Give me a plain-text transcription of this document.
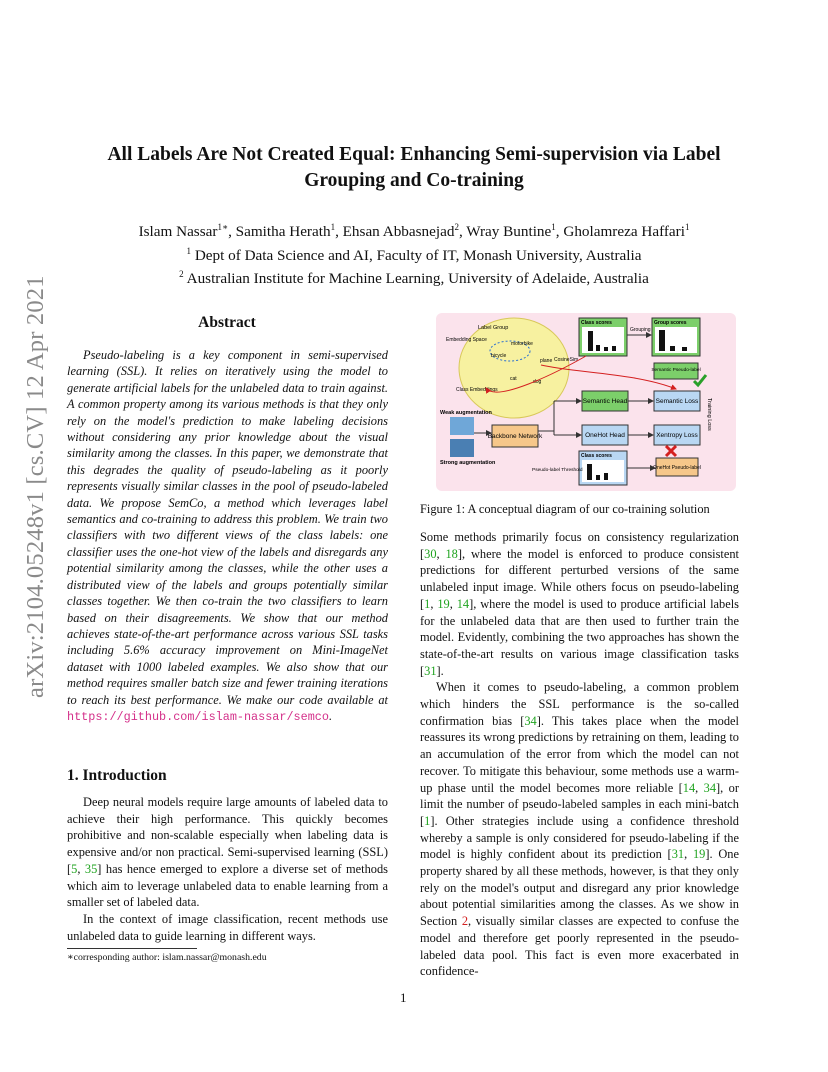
All Labels Are Not Created Equal: Enhancing Semi-supervision via Label
Grouping and Co-training
Islam Nassar$^{1∗}$, Samitha Herath$^1$, Ehsan Abbasnejad$^2$, Wray Buntine$^1$, Gholamreza Haffari$^1$
$^1$ Dept of Data Science and AI, Faculty of IT, Monash University, Australia
$^2$ Australian Institute for Machine Learning, University of Adelaide, Australia
arXiv:2104.05248v1 [cs.CV] 12 Apr 2021	Abstract
Pseudo-labeling is a key component in semi-supervised learning (SSL). It relies on iteratively using the model to generate artificial labels for the unlabeled data to train against. A common property among its various methods is that they only rely on the model's prediction to make labeling decisions without considering any prior knowledge about the visual similarity among the classes. In this paper, we demonstrate that this degrades the quality of pseudo-labeling as it poorly represents visually similar classes in the pool of pseudo-labeled data. We propose SemCo, a method which leverages label semantics and co-training to address this problem. We train two classifiers with two different views of the class labels: one classifier uses the one-hot view of the labels and disregards any potential similarity among the classes, while the other uses a distributed view of the labels and groups potentially similar classes together. We then co-train the two classifiers to learn based on their disagreements. We show that our method achieves state-of-the-art performance across various SSL tasks including 5.6% accuracy improvement on Mini-ImageNet dataset with 1000 labeled examples. We also show that our method requires smaller batch size and fewer training iterations to reach its best performance. We make our code available at https://github.com/islam-nassar/semco.
1. Introduction

Deep neural models require large amounts of labeled data to achieve their high performance. This quickly becomes prohibitive and non-scalable especially when labeling data is expensive and/or non practical. Semi-supervised learning (SSL) [5, 35] has hence emerged to explore a diverse set of methods which aim to leverage unlabeled data to enable learning from a smaller set of labeled data.

In the context of image classification, recent methods use unlabeled data to guide learning in different ways.

∗corresponding author: islam.nassar@monash.edu
1
Label Group
Embedding Space
motorbike
bicycle
plane
cat	dog
Class Embeddings
CosineSim
Class scores	Group scores
Grouping
Semantic Pseudo-label
Semantic Head	Semantic Loss
OneHot Head	Xentropy Loss
Training Loss
Backbone Network
Weak augmentation
Strong augmentation
Class scores
Pseudo-label Threshold	OneHot Pseudo-label
Figure 1: A conceptual diagram of our co-training solution

Some methods primarily focus on consistency regularization [30, 18], where the model is enforced to produce consistent predictions for different perturbed versions of the same unlabeled input image. While others focus on pseudo-labeling [1, 19, 14], where the model is used to produce artificial labels for the unlabeled data that are then used to further train the model. Evidently, combining the two approaches has shown the state-of-the-art results on various image classification tasks [31].

When it comes to pseudo-labeling, a common problem which hinders the SSL performance is the so-called confirmation bias [34]. This takes place when the model reassures its wrong predictions by retraining on them, leading to an accumulation of the error from which the model can not recover. To mitigate this behaviour, some methods use a warm-up phase until the model becomes more reliable [14, 34], or limit the number of pseudo-labeled samples in each mini-batch [1]. Other strategies include using a confidence threshold whereby a sample is only considered for pseudo-labeling if the model is highly confident about its prediction [31, 19]. One property shared by all these methods, however, is that they only rely on the model's output and disregard any prior knowledge about potential similarities among the classes. As we show in Section 2, visually similar classes are expected to confuse the model and therefore get poorly represented in the pseudo-labeled data pool. This fact is even more exacerbated in confidence-
